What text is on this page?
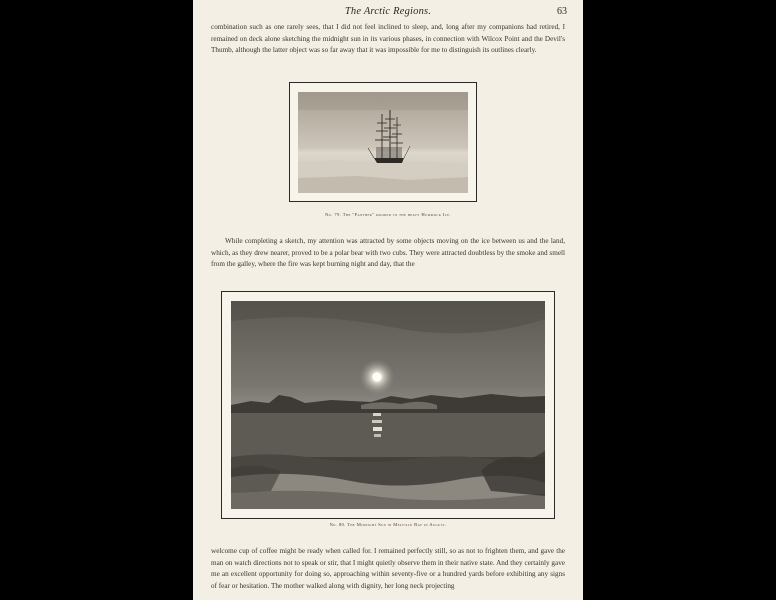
The Arctic Regions.	63
combination such as one rarely sees, that I did not feel inclined to sleep, and, long after my companions had retired, I remained on deck alone sketching the midnight sun in its various phases, in connection with Wilcox Point and the Devil's Thumb, although the latter object was so far away that it was impossible for me to distinguish its outlines clearly.
No. 79. The "Panther" moored to the heavy Hummock Ice.
While completing a sketch, my attention was attracted by some objects moving on the ice between us and the land, which, as they drew nearer, proved to be a polar bear with two cubs. They were attracted doubtless by the smoke and smell from the galley, where the fire was kept burning night and day, that the
No. 80. The Midnight Sun in Melville Bay in August.
welcome cup of coffee might be ready when called for. I remained perfectly still, so as not to frighten them, and gave the man on watch directions not to speak or stir, that I might quietly observe them in their native state. And they certainly gave me an excellent opportunity for doing so, approaching within seventy-five or a hundred yards before exhibiting any signs of fear or hesitation. The mother walked along with dignity, her long neck projecting
